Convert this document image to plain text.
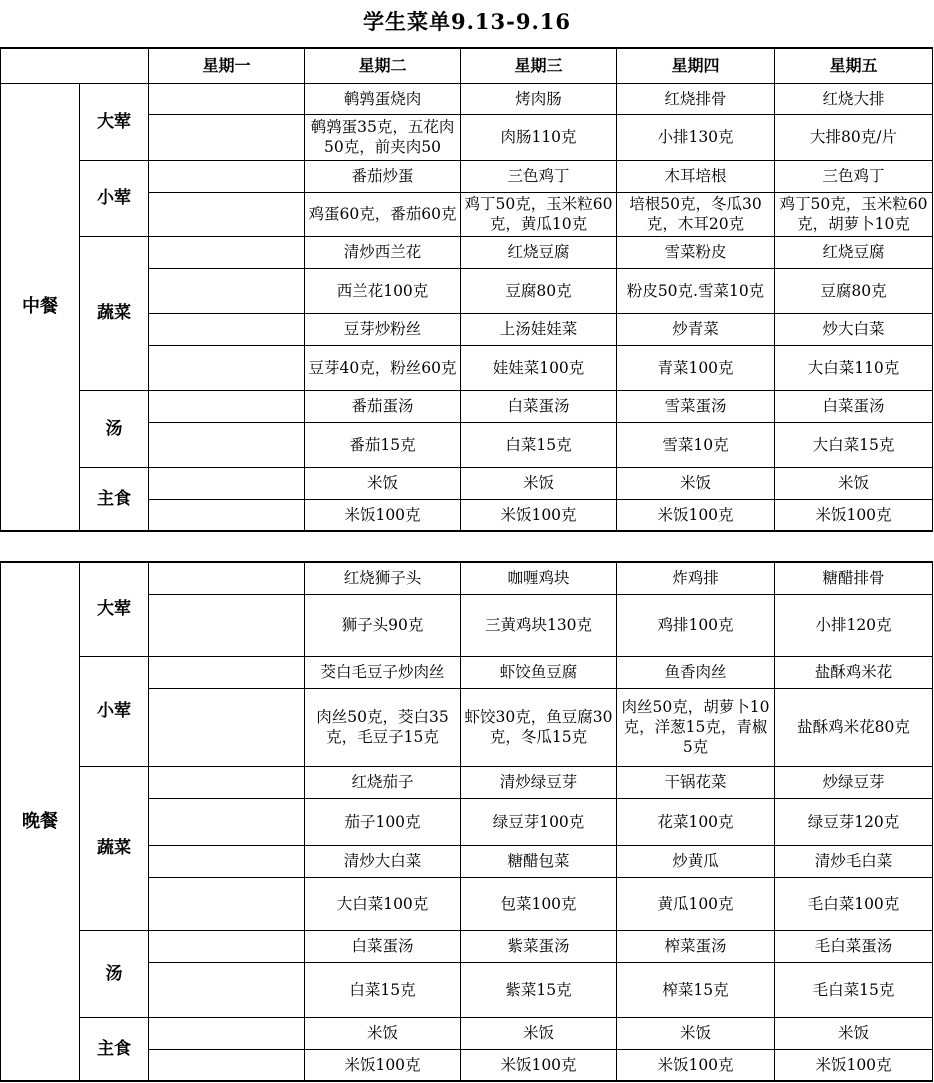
学生菜单9.13-9.16
		星期一	星期二	星期三	星期四	星期五
中餐	大荤		鹌鹑蛋烧肉	烤肉肠	红烧排骨	红烧大排
			鹌鹑蛋35克，五花肉50克，前夹肉50	肉肠110克	小排130克	大排80克/片
	小荤		番茄炒蛋	三色鸡丁	木耳培根	三色鸡丁
			鸡蛋60克，番茄60克	鸡丁50克，玉米粒60克，黄瓜10克	培根50克，冬瓜30克，木耳20克	鸡丁50克，玉米粒60克，胡萝卜10克
	蔬菜		清炒西兰花	红烧豆腐	雪菜粉皮	红烧豆腐
			西兰花100克	豆腐80克	粉皮50克.雪菜10克	豆腐80克
			豆芽炒粉丝	上汤娃娃菜	炒青菜	炒大白菜
			豆芽40克，粉丝60克	娃娃菜100克	青菜100克	大白菜110克
	汤		番茄蛋汤	白菜蛋汤	雪菜蛋汤	白菜蛋汤
			番茄15克	白菜15克	雪菜10克	大白菜15克
	主食		米饭	米饭	米饭	米饭
			米饭100克	米饭100克	米饭100克	米饭100克
晚餐	大荤		红烧狮子头	咖喱鸡块	炸鸡排	糖醋排骨
			狮子头90克	三黄鸡块130克	鸡排100克	小排120克
	小荤		茭白毛豆子炒肉丝	虾饺鱼豆腐	鱼香肉丝	盐酥鸡米花
			肉丝50克，茭白35克，毛豆子15克	虾饺30克，鱼豆腐30克，冬瓜15克	肉丝50克，胡萝卜10克，洋葱15克，青椒5克	盐酥鸡米花80克
	蔬菜		红烧茄子	清炒绿豆芽	干锅花菜	炒绿豆芽
			茄子100克	绿豆芽100克	花菜100克	绿豆芽120克
			清炒大白菜	糖醋包菜	炒黄瓜	清炒毛白菜
			大白菜100克	包菜100克	黄瓜100克	毛白菜100克
	汤		白菜蛋汤	紫菜蛋汤	榨菜蛋汤	毛白菜蛋汤
			白菜15克	紫菜15克	榨菜15克	毛白菜15克
	主食		米饭	米饭	米饭	米饭
			米饭100克	米饭100克	米饭100克	米饭100克
